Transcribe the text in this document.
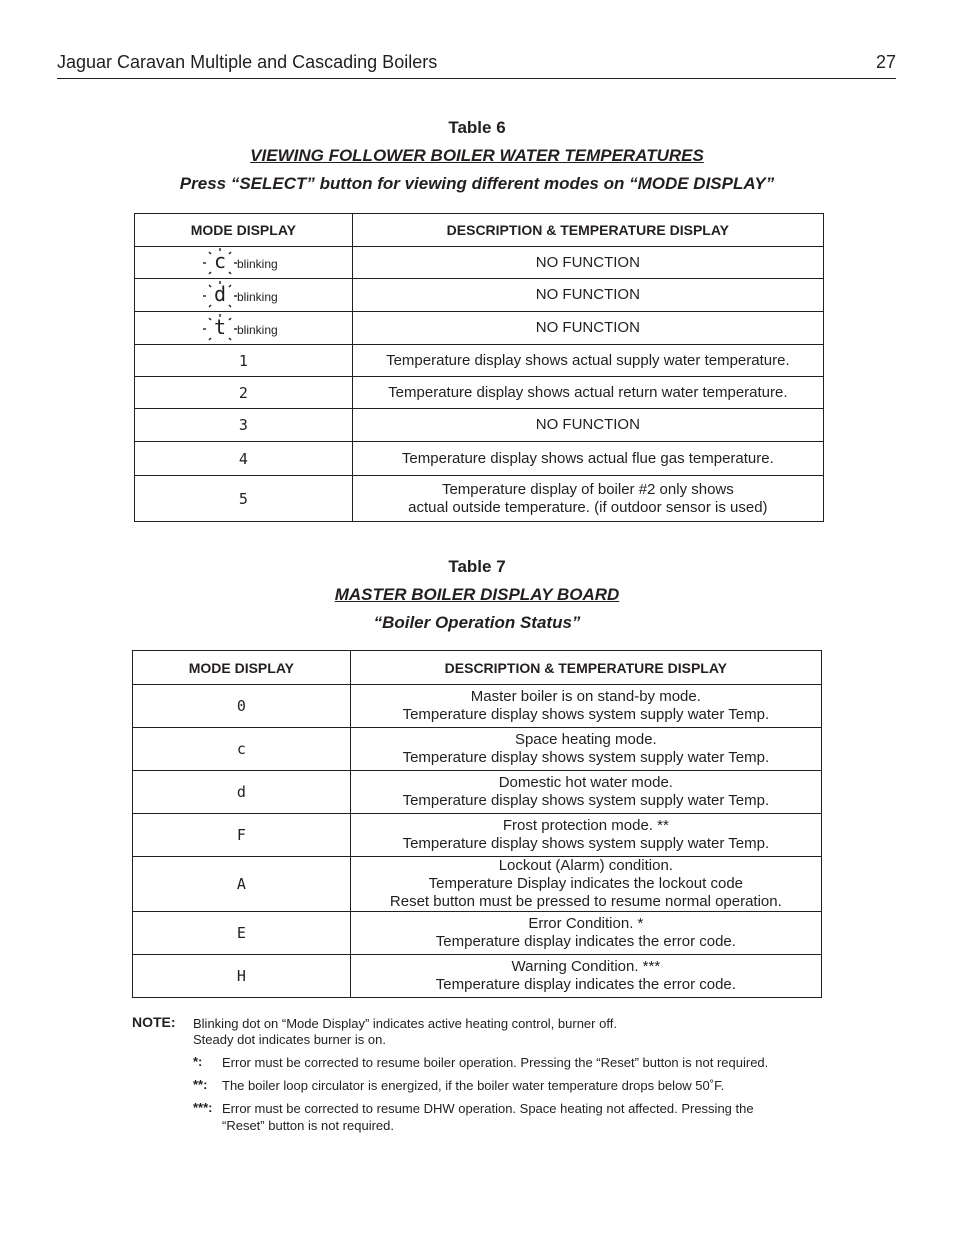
Jaguar Caravan Multiple and Cascading Boilers	27
Table 6
VIEWING FOLLOWER BOILER WATER TEMPERATURES
Press “SELECT” button for viewing different modes on “MODE DISPLAY”
MODE DISPLAY	DESCRIPTION & TEMPERATURE DISPLAY

c blinking	NO FUNCTION

d blinking	NO FUNCTION

t blinking	NO FUNCTION
1	Temperature display shows actual supply water temperature.
2	Temperature display shows actual return water temperature.
3	NO FUNCTION
4	Temperature display shows actual flue gas temperature.
5	Temperature display of boiler #2 only shows
actual outside temperature. (if outdoor sensor is used)
Table 7
MASTER BOILER DISPLAY BOARD
“Boiler Operation Status”
MODE DISPLAY	DESCRIPTION & TEMPERATURE DISPLAY
0	Master boiler is on stand-by mode.
Temperature display shows system supply water Temp.

c	Space heating mode.
Temperature display shows system supply water Temp.

d	Domestic hot water mode.
Temperature display shows system supply water Temp.

F	Frost protection mode. **
Temperature display shows system supply water Temp.

A	Lockout (Alarm) condition.
Temperature Display indicates the lockout code
Reset button must be pressed to resume normal operation.

E	Error Condition. *
Temperature display indicates the error code.

H	Warning Condition. ***
Temperature display indicates the error code.
NOTE: Blinking dot on “Mode Display” indicates active heating control, burner off.
Steady dot indicates burner is on.
*: Error must be corrected to resume boiler operation. Pressing the “Reset” button is not required.
**: The boiler loop circulator is energized, if the boiler water temperature drops below 50˚F.
***: Error must be corrected to resume DHW operation. Space heating not affected. Pressing the “Reset” button is not required.
